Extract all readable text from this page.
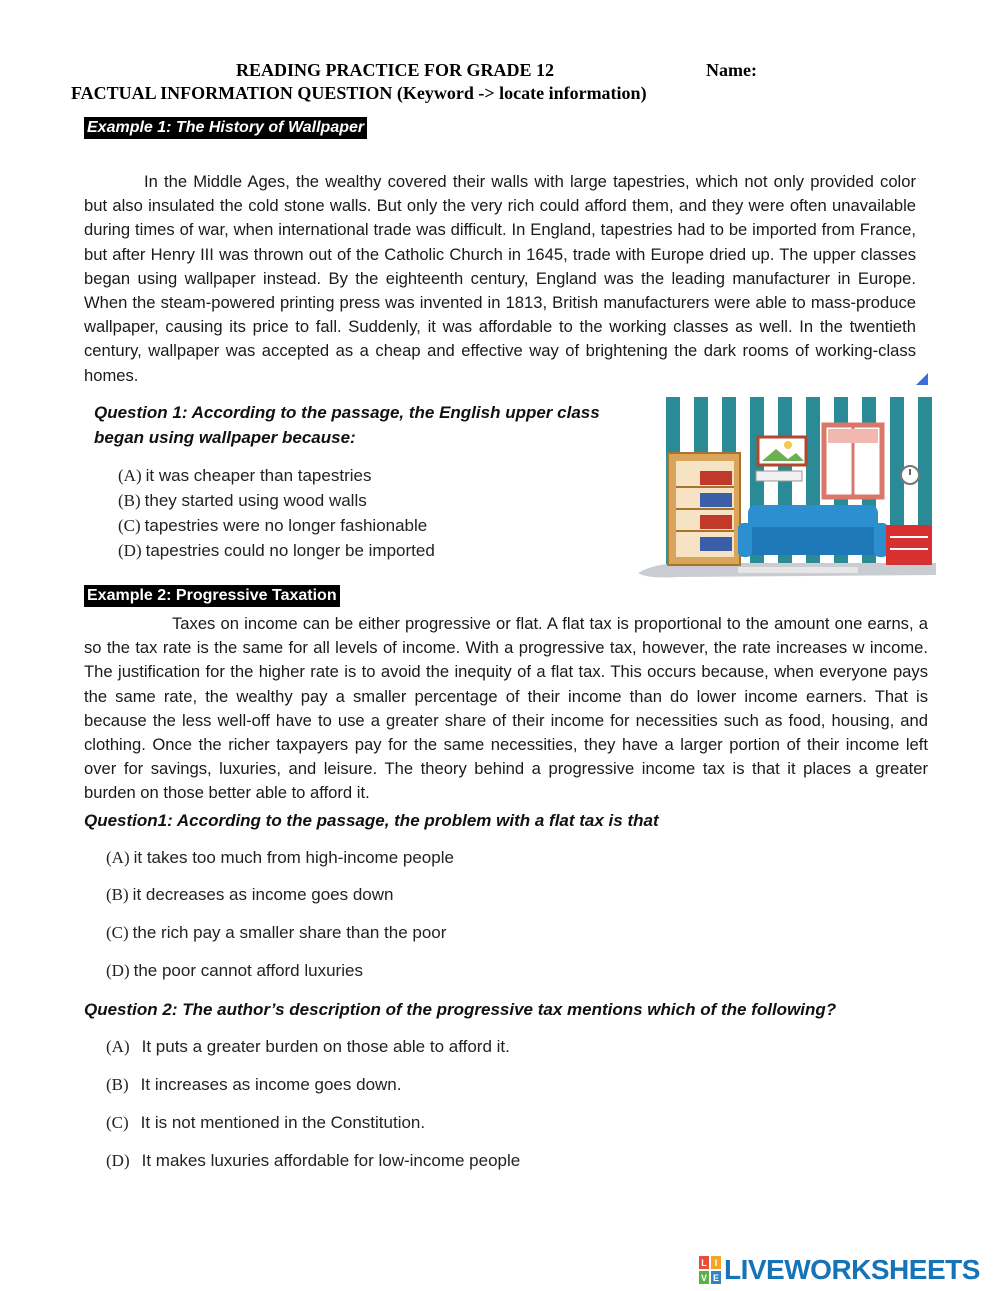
READING PRACTICE FOR GRADE 12	Name:
FACTUAL INFORMATION QUESTION (Keyword -> locate information)
Example 1: The History of Wallpaper
In the Middle Ages, the wealthy covered their walls with large tapestries, which not only provided color but also insulated the cold stone walls. But only the very rich could afford them, and they were often unavailable during times of war, when international trade was difficult. In England, tapestries had to be imported from France, but after Henry III was thrown out of the Catholic Church in 1645, trade with Europe dried up. The upper classes began using wallpaper instead. By the eighteenth century, England was the leading manufacturer in Europe. When the steam-powered printing press was invented in 1813, British manufacturers were able to mass-produce wallpaper, causing its price to fall. Suddenly, it was affordable to the working classes as well. In the twentieth century, wallpaper was accepted as a cheap and effective way of brightening the dark rooms of working-class homes.
Question 1: According to the passage, the English upper class
began using wallpaper because:
(A) it was cheaper than tapestries
(B) they started using wood walls
(C) tapestries were no longer fashionable
(D) tapestries could no longer be imported
Example 2: Progressive Taxation
Taxes on income can be either progressive or flat. A flat tax is proportional to the amount one earns, a so the tax rate is the same for all levels of income. With a progressive tax, however, the rate increases w income. The justification for the higher rate is to avoid the inequity of a flat tax. This occurs because, when everyone pays the same rate, the wealthy pay a smaller percentage of their income than do lower income earners. That is because the less well-off have to use a greater share of their income for necessities such as food, housing, and clothing. Once the richer taxpayers pay for the same necessities, they have a larger portion of their income left over for savings, luxuries, and leisure. The theory behind a progressive income tax is that it places a greater burden on those better able to afford it.
Question1: According to the passage, the problem with a flat tax is that
(A) it takes too much from high-income people
(B) it decreases as income goes down
(C) the rich pay a smaller share than the poor
(D) the poor cannot afford luxuries
Question 2: The author’s description of the progressive tax mentions which of the following?
(A) It puts a greater burden on those able to afford it.
(B) It increases as income goes down.
(C) It is not mentioned in the Constitution.
(D) It makes luxuries affordable for low-income people
L I
V E LIVEWORKSHEETS
